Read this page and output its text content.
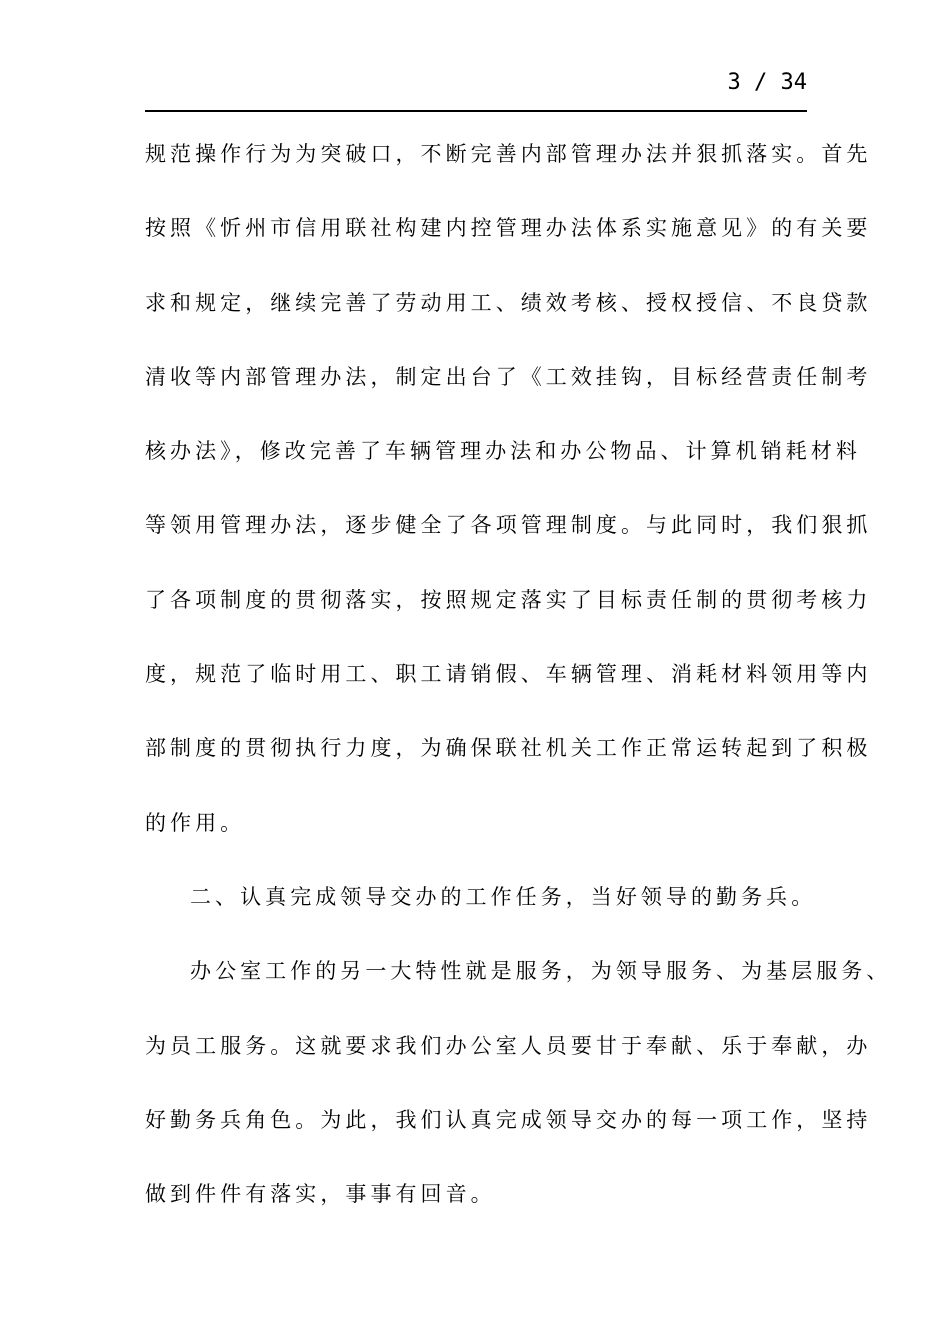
3 / 34
规范操作行为为突破口，不断完善内部管理办法并狠抓落实。首先
按照《忻州市信用联社构建内控管理办法体系实施意见》的有关要
求和规定，继续完善了劳动用工、绩效考核、授权授信、不良贷款
清收等内部管理办法，制定出台了《工效挂钩，目标经营责任制考
核办法》，修改完善了车辆管理办法和办公物品、计算机销耗材料
等领用管理办法，逐步健全了各项管理制度。与此同时，我们狠抓
了各项制度的贯彻落实，按照规定落实了目标责任制的贯彻考核力
度，规范了临时用工、职工请销假、车辆管理、消耗材料领用等内
部制度的贯彻执行力度，为确保联社机关工作正常运转起到了积极
的作用。
二、认真完成领导交办的工作任务，当好领导的勤务兵。
办公室工作的另一大特性就是服务，为领导服务、为基层服务、
为员工服务。这就要求我们办公室人员要甘于奉献、乐于奉献，办
好勤务兵角色。为此，我们认真完成领导交办的每一项工作，坚持
做到件件有落实，事事有回音。
